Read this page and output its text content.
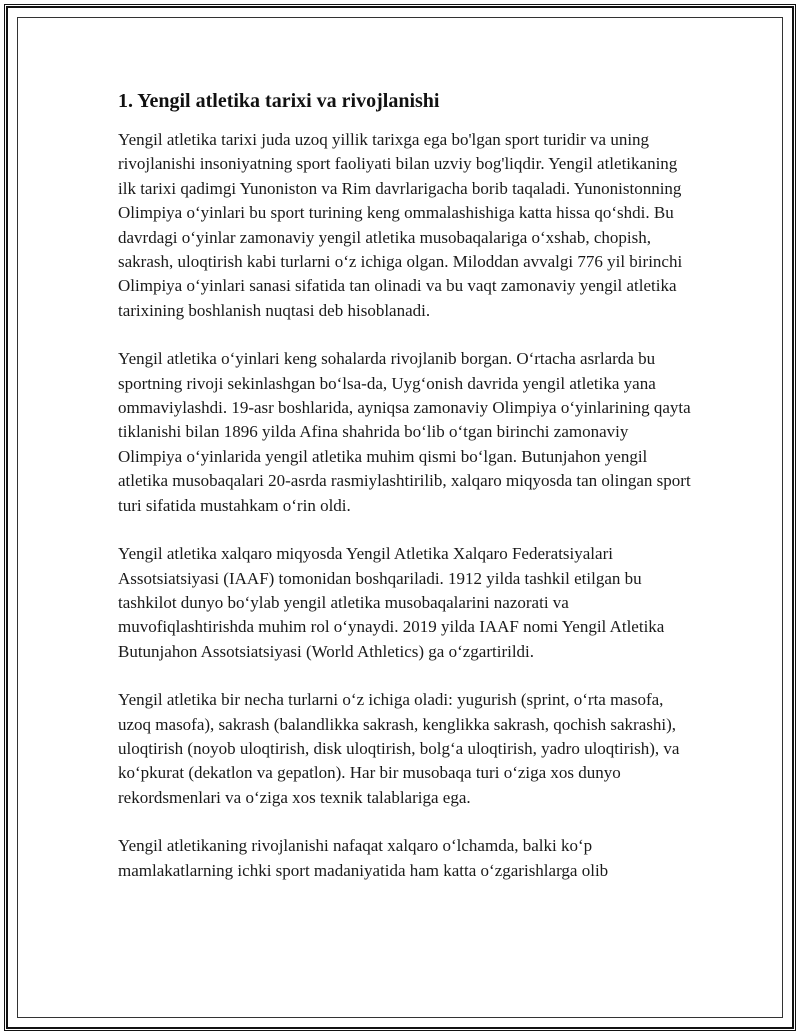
1. Yengil atletika tarixi va rivojlanishi

Yengil atletika tarixi juda uzoq yillik tarixga ega bo'lgan sport turidir va uning rivojlanishi insoniyatning sport faoliyati bilan uzviy bog'liqdir. Yengil atletikaning ilk tarixi qadimgi Yunoniston va Rim davrlarigacha borib taqaladi. Yunonistonning Olimpiya o‘yinlari bu sport turining keng ommalashishiga katta hissa qo‘shdi. Bu davrdagi o‘yinlar zamonaviy yengil atletika musobaqalariga o‘xshab, chopish, sakrash, uloqtirish kabi turlarni o‘z ichiga olgan. Miloddan avvalgi 776 yil birinchi Olimpiya o‘yinlari sanasi sifatida tan olinadi va bu vaqt zamonaviy yengil atletika tarixining boshlanish nuqtasi deb hisoblanadi.

Yengil atletika o‘yinlari keng sohalarda rivojlanib borgan. O‘rtacha asrlarda bu sportning rivoji sekinlashgan bo‘lsa-da, Uyg‘onish davrida yengil atletika yana ommaviylashdi. 19-asr boshlarida, ayniqsa zamonaviy Olimpiya o‘yinlarining qayta tiklanishi bilan 1896 yilda Afina shahrida bo‘lib o‘tgan birinchi zamonaviy Olimpiya o‘yinlarida yengil atletika muhim qismi bo‘lgan. Butunjahon yengil atletika musobaqalari 20-asrda rasmiylashtirilib, xalqaro miqyosda tan olingan sport turi sifatida mustahkam o‘rin oldi.

Yengil atletika xalqaro miqyosda Yengil Atletika Xalqaro Federatsiyalari Assotsiatsiyasi (IAAF) tomonidan boshqariladi. 1912 yilda tashkil etilgan bu tashkilot dunyo bo‘ylab yengil atletika musobaqalarini nazorati va muvofiqlashtirishda muhim rol o‘ynaydi. 2019 yilda IAAF nomi Yengil Atletika Butunjahon Assotsiatsiyasi (World Athletics) ga o‘zgartirildi.

Yengil atletika bir necha turlarni o‘z ichiga oladi: yugurish (sprint, o‘rta masofa, uzoq masofa), sakrash (balandlikka sakrash, kenglikka sakrash, qochish sakrashi), uloqtirish (noyob uloqtirish, disk uloqtirish, bolg‘a uloqtirish, yadro uloqtirish), va ko‘pkurat (dekatlon va gepatlon). Har bir musobaqa turi o‘ziga xos dunyo rekordsmenlari va o‘ziga xos texnik talablariga ega.

Yengil atletikaning rivojlanishi nafaqat xalqaro o‘lchamda, balki ko‘p mamlakatlarning ichki sport madaniyatida ham katta o‘zgarishlarga olib
